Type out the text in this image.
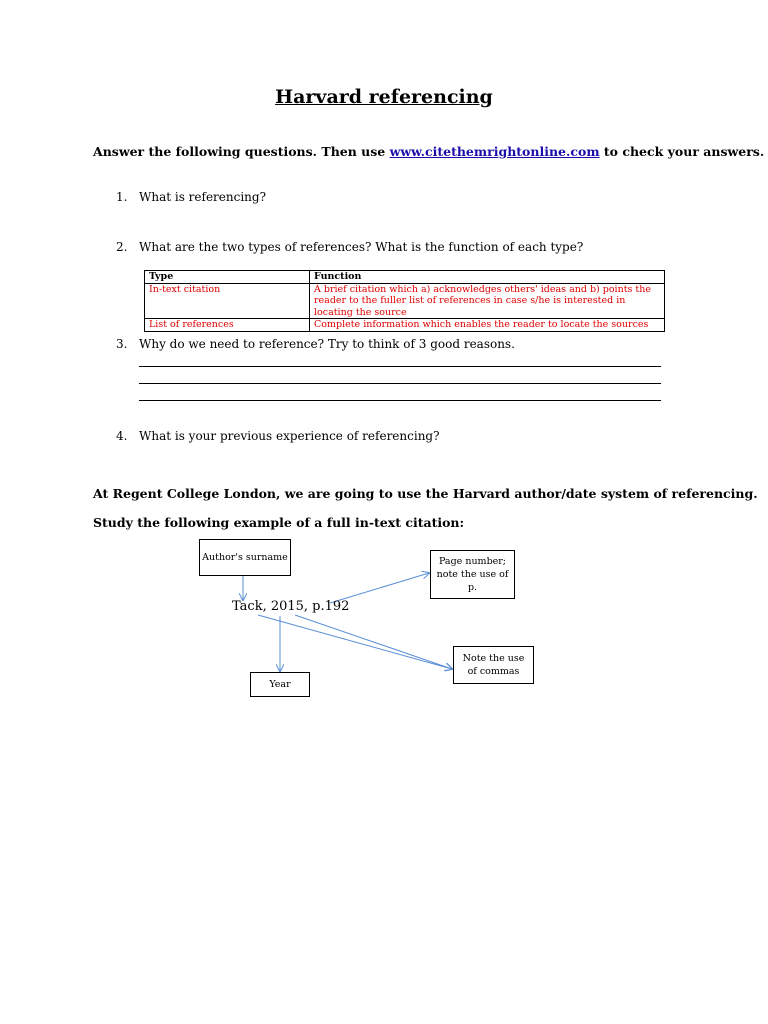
Harvard referencing
Answer the following questions. Then use www.citethemrightonline.com to check your answers.
1. What is referencing?
2. What are the two types of references? What is the function of each type?
Type	Function
In-text citation	A brief citation which a) acknowledges others' ideas and b) points the reader to the fuller list of references in case s/he is interested in locating the source
List of references	Complete information which enables the reader to locate the sources
3. Why do we need to reference? Try to think of 3 good reasons.
4. What is your previous experience of referencing?
At Regent College London, we are going to use the Harvard author/date system of referencing.
Study the following example of a full in-text citation:
Author's surname	Page number; note the use of p.
Note the use of commas
Year
Tack, 2015, p.192
